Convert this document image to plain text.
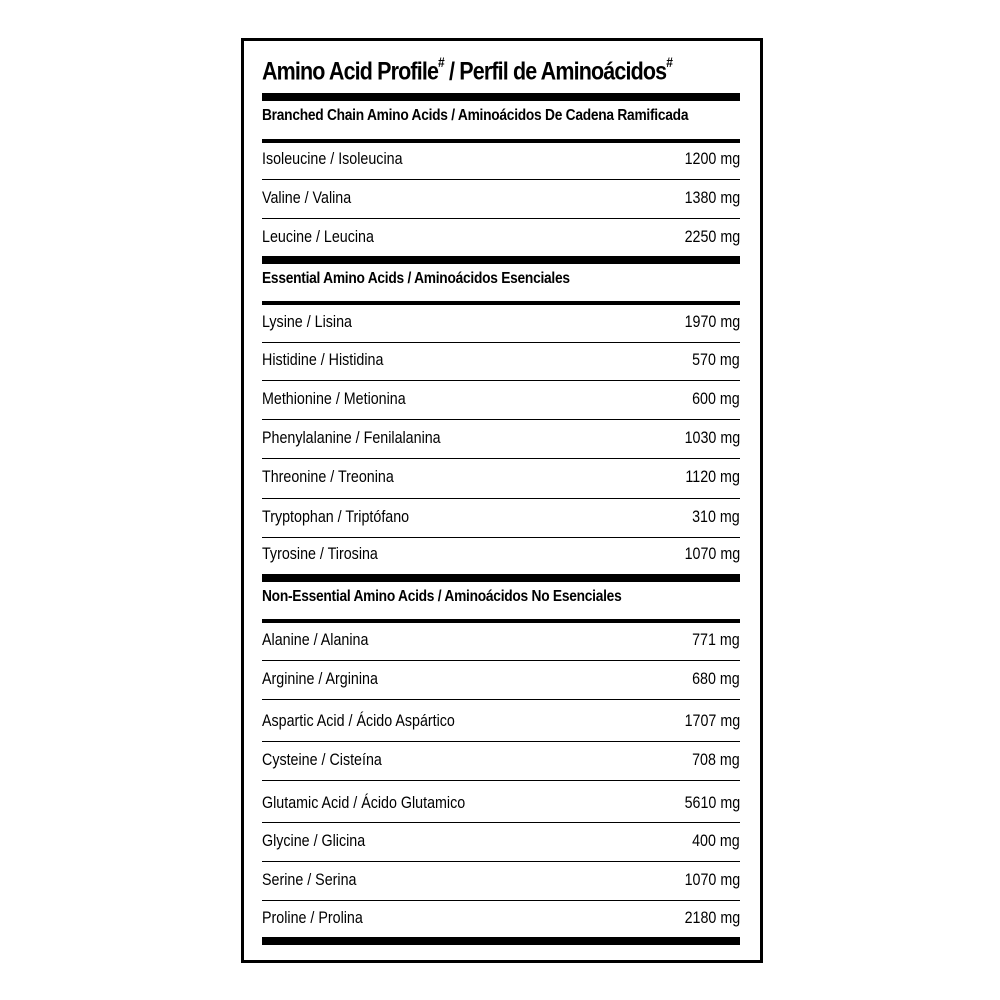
Amino Acid Profile# / Perfil de Aminoácidos#
Branched Chain Amino Acids / Aminoácidos De Cadena Ramificada
Isoleucine / Isoleucina	1200 mg
Valine / Valina	1380 mg
Leucine / Leucina	2250 mg
Essential Amino Acids / Aminoácidos Esenciales
Lysine / Lisina	1970 mg
Histidine / Histidina	570 mg
Methionine / Metionina	600 mg
Phenylalanine / Fenilalanina	1030 mg
Threonine / Treonina	1120 mg
Tryptophan / Triptófano	310 mg
Tyrosine / Tirosina	1070 mg
Non-Essential Amino Acids / Aminoácidos No Esenciales
Alanine / Alanina	771 mg
Arginine / Arginina	680 mg
Aspartic Acid / Ácido Aspártico	1707 mg
Cysteine / Cisteína	708 mg
Glutamic Acid / Ácido Glutamico	5610 mg
Glycine / Glicina	400 mg
Serine / Serina	1070 mg
Proline / Prolina	2180 mg
